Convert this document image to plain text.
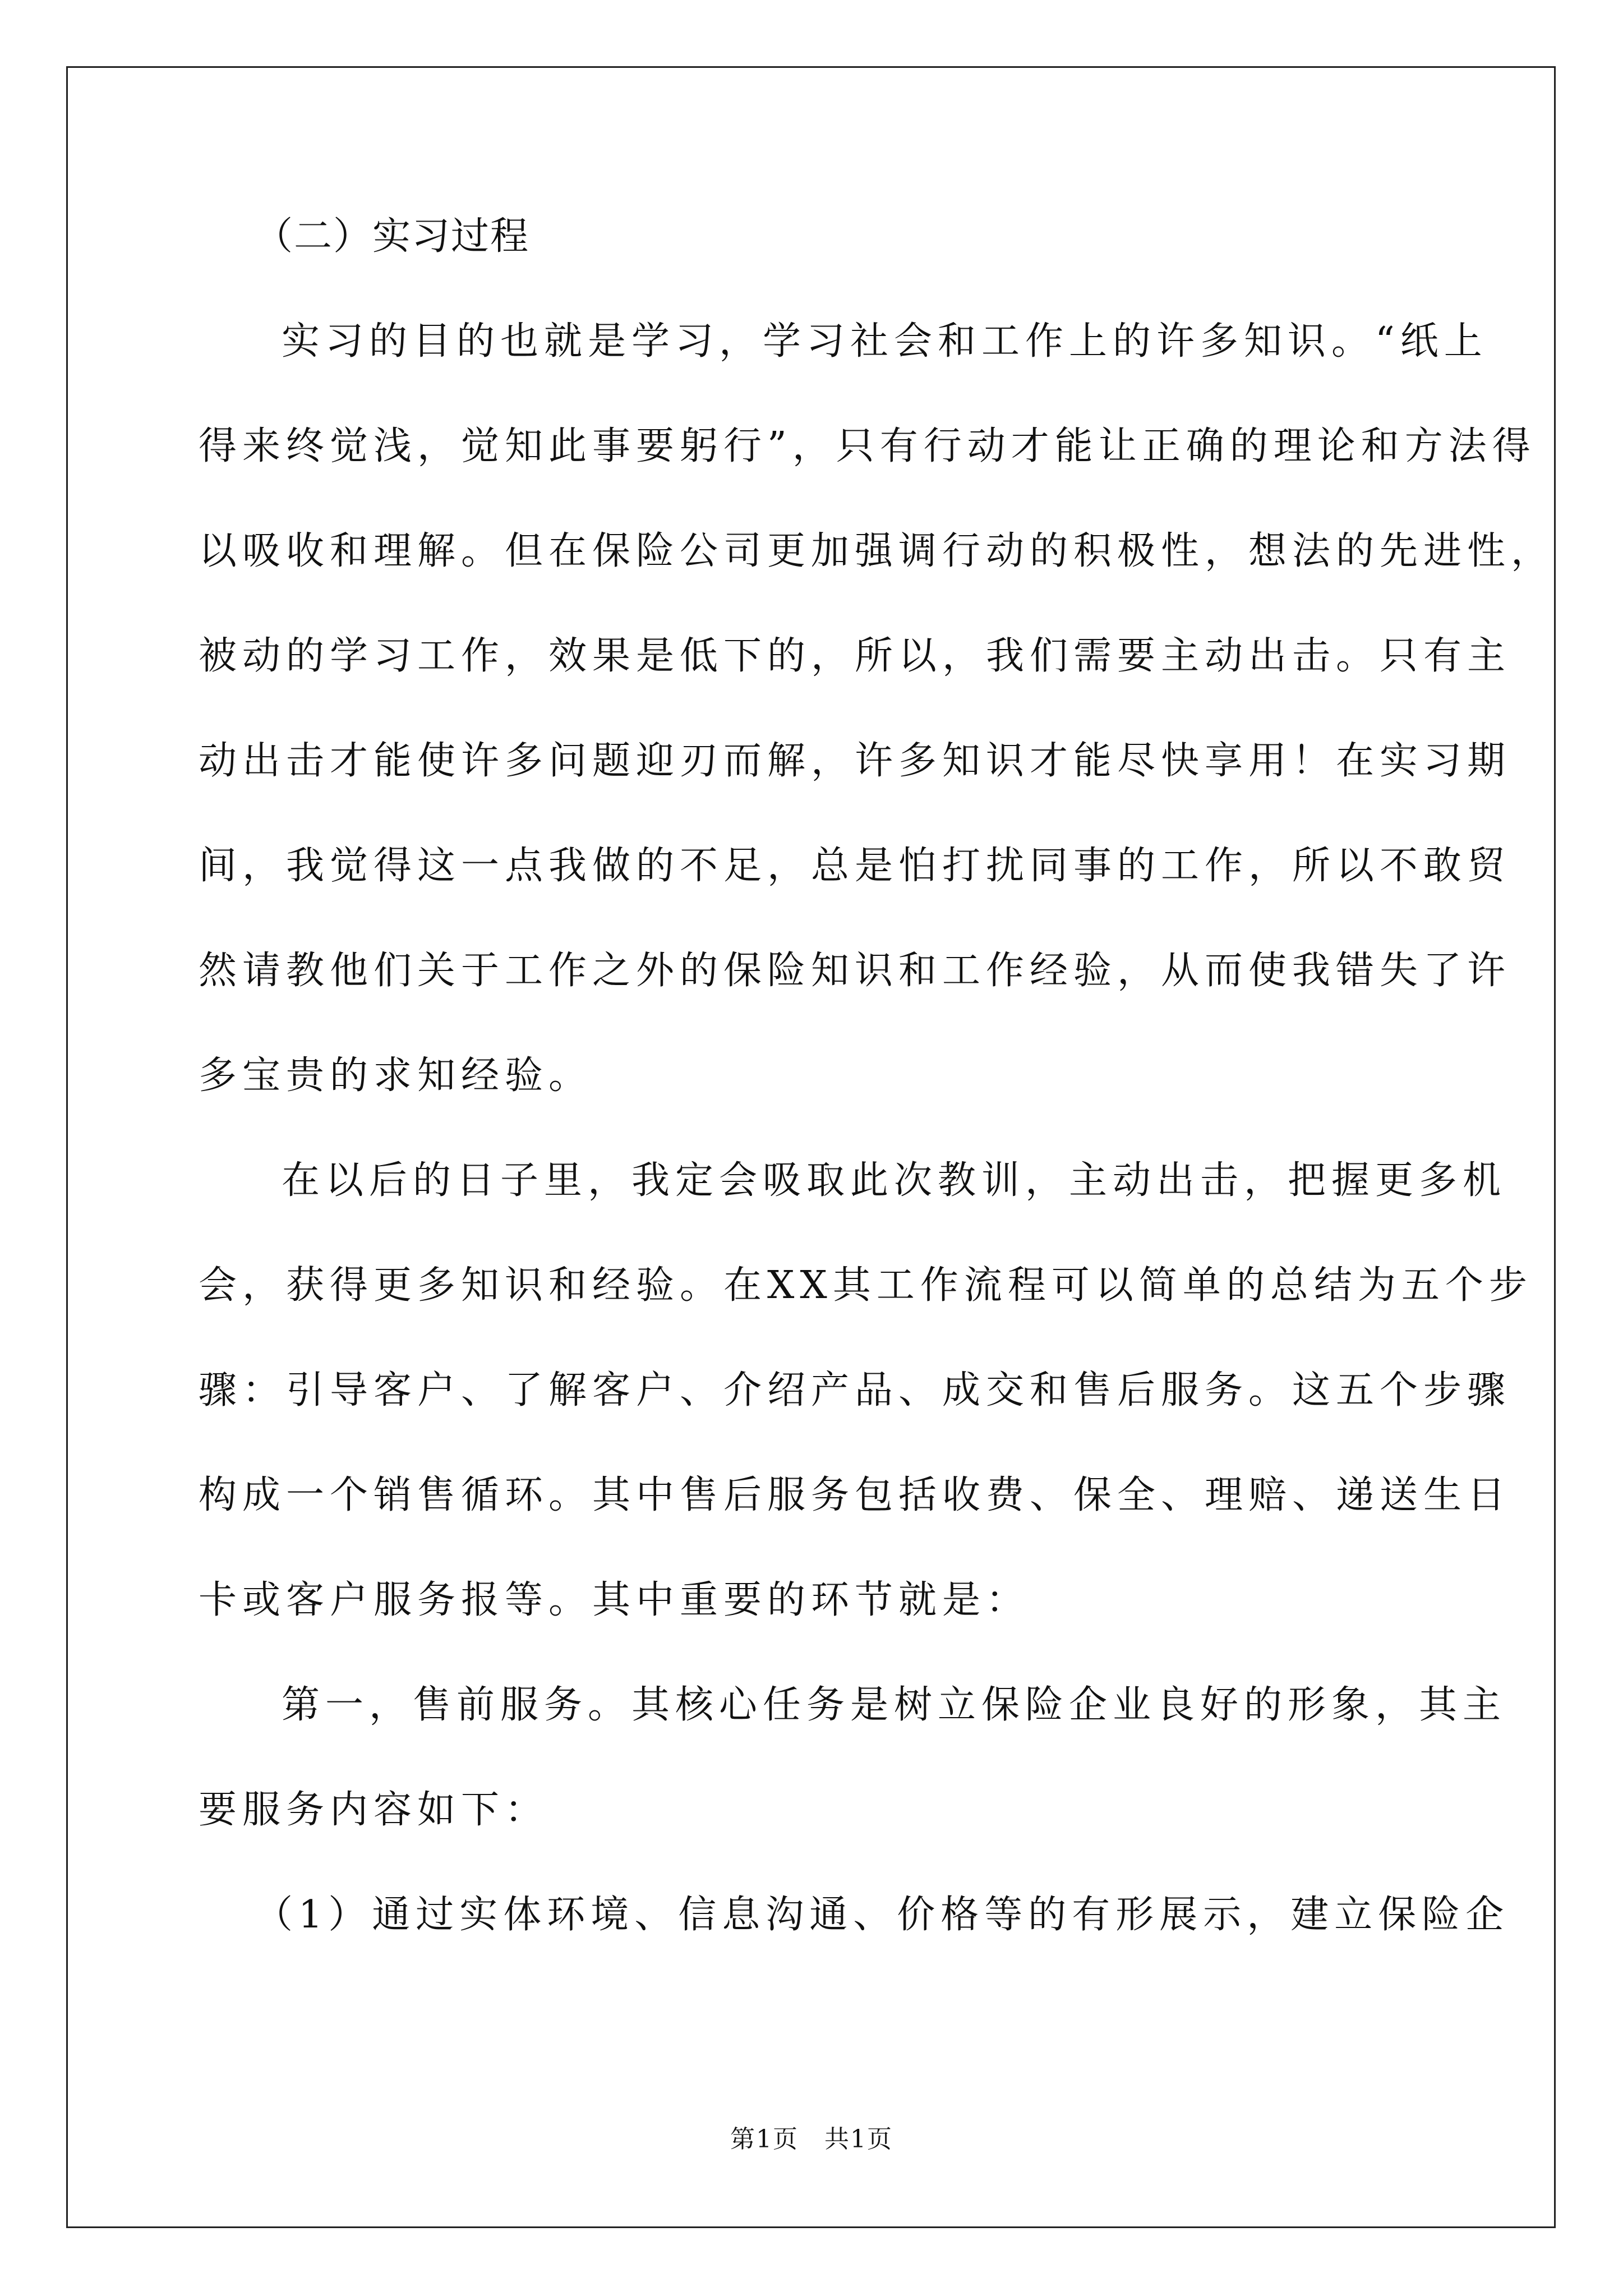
（二）实习过程

实习的目的也就是学习，学习社会和工作上的许多知识。“纸上
得来终觉浅，觉知此事要躬行”，只有行动才能让正确的理论和方法得
以吸收和理解。但在保险公司更加强调行动的积极性，想法的先进性，
被动的学习工作，效果是低下的，所以，我们需要主动出击。只有主
动出击才能使许多问题迎刃而解，许多知识才能尽快享用！在实习期
间，我觉得这一点我做的不足，总是怕打扰同事的工作，所以不敢贸
然请教他们关于工作之外的保险知识和工作经验，从而使我错失了许
多宝贵的求知经验。

在以后的日子里，我定会吸取此次教训，主动出击，把握更多机
会，获得更多知识和经验。在XX其工作流程可以简单的总结为五个步
骤：引导客户、了解客户、介绍产品、成交和售后服务。这五个步骤
构成一个销售循环。其中售后服务包括收费、保全、理赔、递送生日
卡或客户服务报等。其中重要的环节就是：

第一，售前服务。其核心任务是树立保险企业良好的形象，其主
要服务内容如下：

（1）通过实体环境、信息沟通、价格等的有形展示，建立保险企

第1页　共1页
